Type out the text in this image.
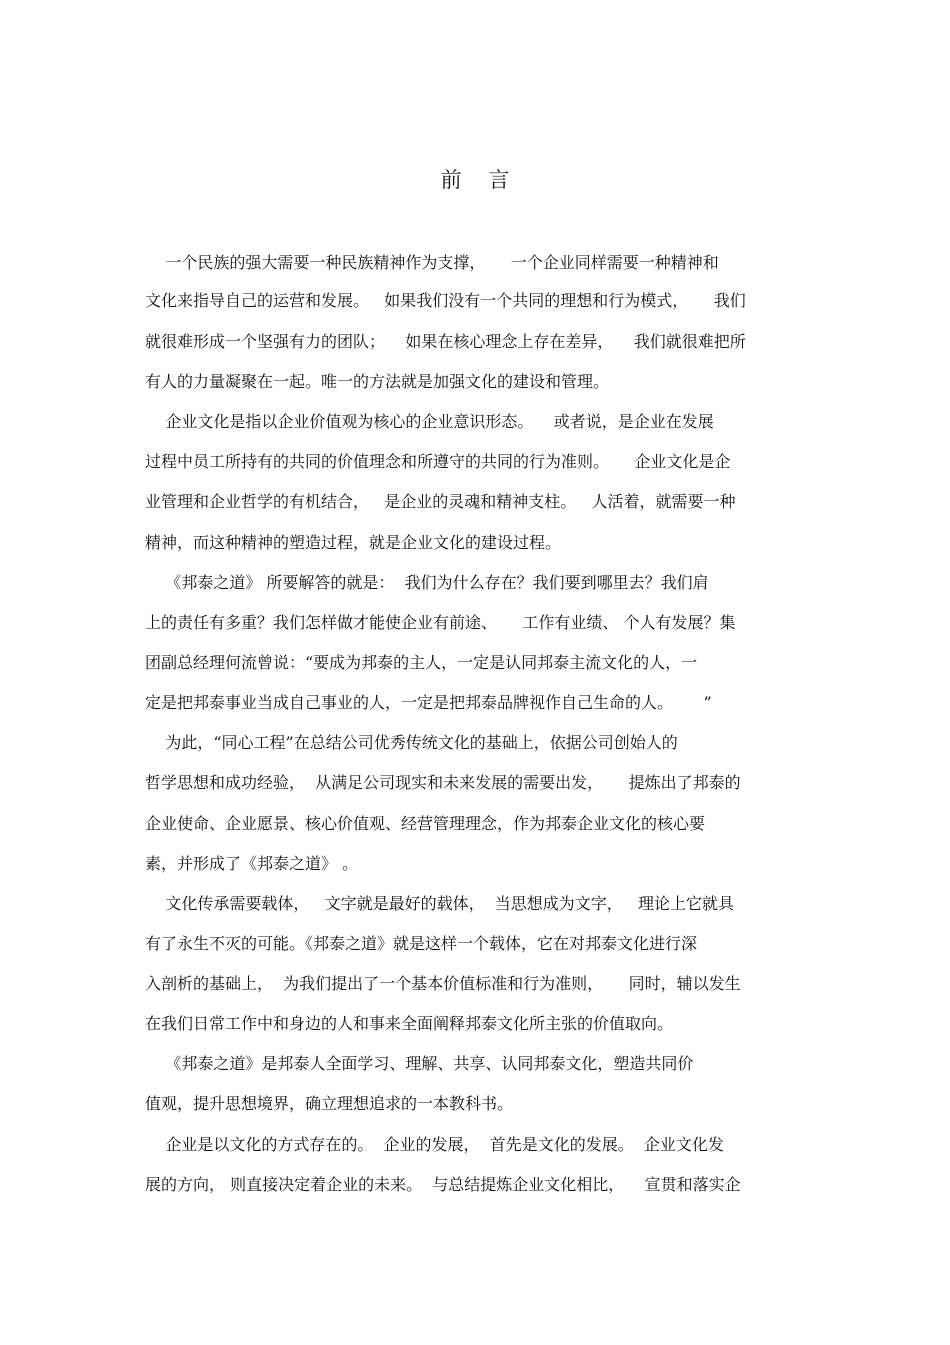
前    言
一个民族的强大需要一种民族精神作为支撑，     一个企业同样需要一种精神和
文化来指导自己的运营和发展。   如果我们没有一个共同的理想和行为模式，     我们
就很难形成一个坚强有力的团队；    如果在核心理念上存在差异，    我们就很难把所
有人的力量凝聚在一起。唯一的方法就是加强文化的建设和管理。
企业文化是指以企业价值观为核心的企业意识形态。    或者说，是企业在发展
过程中员工所持有的共同的价值理念和所遵守的共同的行为准则。     企业文化是企
业管理和企业哲学的有机结合，   是企业的灵魂和精神支柱。   人活着，就需要一种
精神，而这种精神的塑造过程，就是企业文化的建设过程。
《邦泰之道》 所要解答的就是：  我们为什么存在？我们要到哪里去？我们肩
上的责任有多重？我们怎样做才能使企业有前途、     工作有业绩、 个人有发展？集
团副总经理何流曾说：“要成为邦泰的主人，一定是认同邦泰主流文化的人，一
定是把邦泰事业当成自己事业的人，一定是把邦泰品牌视作自己生命的人。      ”
为此，“同心工程”在总结公司优秀传统文化的基础上，依据公司创始人的
哲学思想和成功经验，  从满足公司现实和未来发展的需要出发，     提炼出了邦泰的
企业使命、企业愿景、核心价值观、经营管理理念，作为邦泰企业文化的核心要
素，并形成了《邦泰之道》 。
文化传承需要载体，   文字就是最好的载体，  当思想成为文字，   理论上它就具
有了永生不灭的可能。《邦泰之道》就是这样一个载体，它在对邦泰文化进行深
入剖析的基础上，  为我们提出了一个基本价值标准和行为准则，     同时，辅以发生
在我们日常工作中和身边的人和事来全面阐释邦泰文化所主张的价值取向。
《邦泰之道》是邦泰人全面学习、理解、共享、认同邦泰文化，塑造共同价
值观，提升思想境界，确立理想追求的一本教科书。
企业是以文化的方式存在的。  企业的发展，  首先是文化的发展。  企业文化发
展的方向， 则直接决定着企业的未来。  与总结提炼企业文化相比，    宣贯和落实企
